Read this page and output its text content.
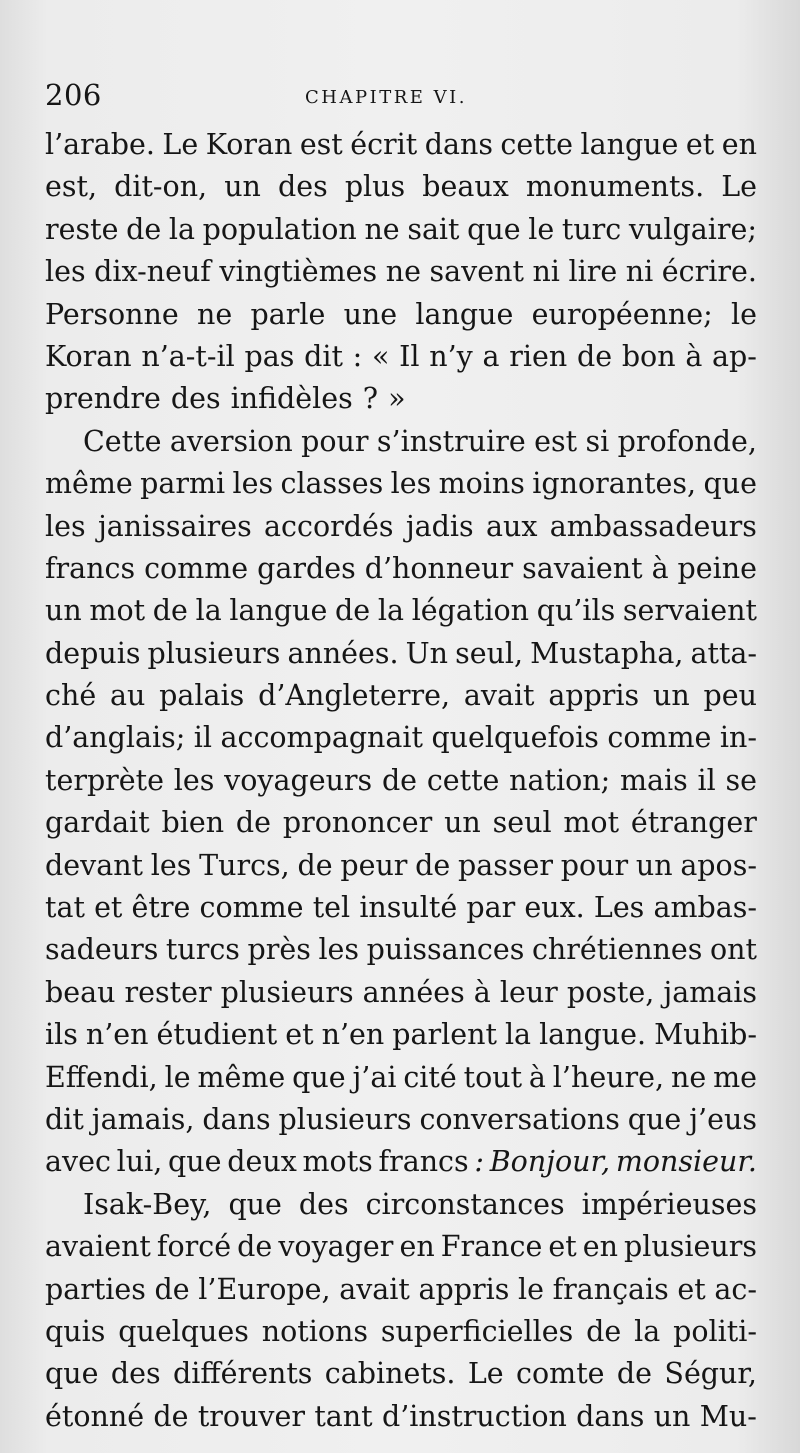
206	CHAPITRE VI.
l’arabe. Le Koran est écrit dans cette langue et en
est, dit-on, un des plus beaux monuments. Le
reste de la population ne sait que le turc vulgaire;
les dix-neuf vingtièmes ne savent ni lire ni écrire.
Personne ne parle une langue européenne; le
Koran n’a-t-il pas dit : « Il n’y a rien de bon à ap-
prendre des infidèles ? »
Cette aversion pour s’instruire est si profonde,
même parmi les classes les moins ignorantes, que
les janissaires accordés jadis aux ambassadeurs
francs comme gardes d’honneur savaient à peine
un mot de la langue de la légation qu’ils servaient
depuis plusieurs années. Un seul, Mustapha, atta-
ché au palais d’Angleterre, avait appris un peu
d’anglais; il accompagnait quelquefois comme in-
terprète les voyageurs de cette nation; mais il se
gardait bien de prononcer un seul mot étranger
devant les Turcs, de peur de passer pour un apos-
tat et être comme tel insulté par eux. Les ambas-
sadeurs turcs près les puissances chrétiennes ont
beau rester plusieurs années à leur poste, jamais
ils n’en étudient et n’en parlent la langue. Muhib-
Effendi, le même que j’ai cité tout à l’heure, ne me
dit jamais, dans plusieurs conversations que j’eus
avec lui, que deux mots francs : Bonjour, monsieur.
Isak-Bey, que des circonstances impérieuses
avaient forcé de voyager en France et en plusieurs
parties de l’Europe, avait appris le français et ac-
quis quelques notions superficielles de la politi-
que des différents cabinets. Le comte de Ségur,
étonné de trouver tant d’instruction dans un Mu-
